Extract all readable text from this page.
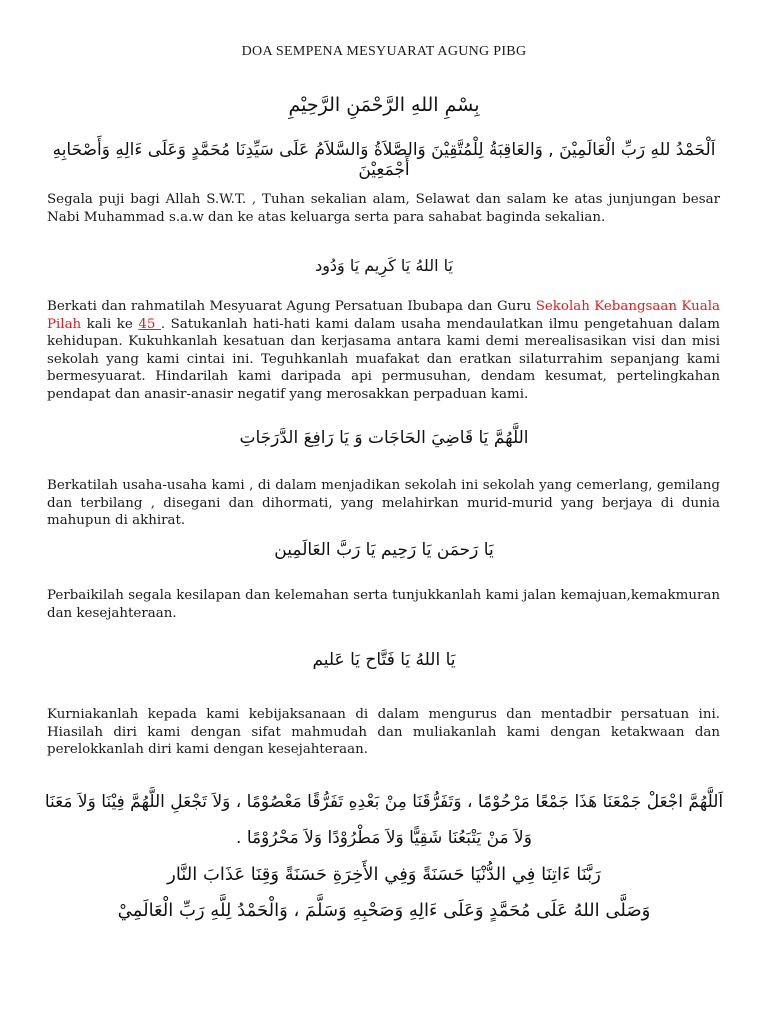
DOA SEMPENA MESYUARAT AGUNG PIBG
بِسْمِ اللهِ الرَّحْمَنِ الرَّحِيْمِ
اَلْحَمْدُ للهِ رَبِّ الْعَالَمِيْنَ , وَالعَاقِبَةُ لِلْمُتَّقِيْنَ وَالصَّلاَةُ وَالسَّلاَمُ عَلَى سَيِّدِنَا مُحَمَّدٍ وَعَلَى ءَالِهِ وَأَصْحَابِهِ أَجْمَعِيْنَ
Segala puji bagi Allah S.W.T. , Tuhan sekalian alam, Selawat dan salam ke atas junjungan besar Nabi Muhammad s.a.w dan ke atas keluarga serta para sahabat baginda sekalian.
يَا اللهُ يَا كَرِيم يَا وَدُود
Berkati dan rahmatilah Mesyuarat Agung Persatuan Ibubapa dan Guru Sekolah Kebangsaan Kuala Pilah kali ke 45 . Satukanlah hati-hati kami dalam usaha mendaulatkan ilmu pengetahuan dalam kehidupan. Kukuhkanlah kesatuan dan kerjasama antara kami demi merealisasikan visi dan misi sekolah yang kami cintai ini. Teguhkanlah muafakat dan eratkan silaturrahim sepanjang kami bermesyuarat. Hindarilah kami daripada api permusuhan, dendam kesumat, pertelingkahan pendapat dan anasir-anasir negatif yang merosakkan perpaduan kami.
اللَّهُمَّ يَا قَاضِيَ الحَاجَات وَ يَا رَافِعَ الدَّرَجَاتِ
Berkatilah usaha-usaha kami , di dalam menjadikan sekolah ini sekolah yang cemerlang, gemilang dan terbilang , disegani dan dihormati, yang melahirkan murid-murid yang berjaya di dunia mahupun di akhirat.
يَا رَحمَن يَا رَحِيم يَا رَبَّ العَالَمِين
Perbaikilah segala kesilapan dan kelemahan serta tunjukkanlah kami jalan kemajuan,kemakmuran dan kesejahteraan.
يَا اللهُ يَا فَتَّاح يَا عَليم
Kurniakanlah kepada kami kebijaksanaan di dalam mengurus dan mentadbir persatuan ini. Hiasilah diri kami dengan sifat mahmudah dan muliakanlah kami dengan ketakwaan dan perelokkanlah diri kami dengan kesejahteraan.
اَللَّهُمَّ اجْعَلْ جَمْعَنَا هَذَا جَمْعًا مَرْحُوْمًا ، وَتَفَرُّقَنَا مِنْ بَعْدِهِ تَفَرُّقًا مَعْصُوْمًا ، وَلاَ تَجْعَلِ اللَّهُمَّ فِيْنَا وَلاَ مَعَنَا
وَلاَ مَنْ يَتْبَعُنَا شَقِيًّا وَلاَ مَطْرُوْدًا وَلاَ مَحْرُوْمًا .
رَبَّنَا ءَاتِنَا فِي الدُّنْيَا حَسَنَةً وَفِي الأَخِرَةِ حَسَنَةً وَقِنَا عَذَابَ النَّار
وَصَلَّى اللهُ عَلَى مُحَمَّدٍ وَعَلَى ءَالِهِ وَصَحْبِهِ وَسَلَّمَ ، وَالْحَمْدُ لِلَّهِ رَبِّ الْعَالَمِيْ
